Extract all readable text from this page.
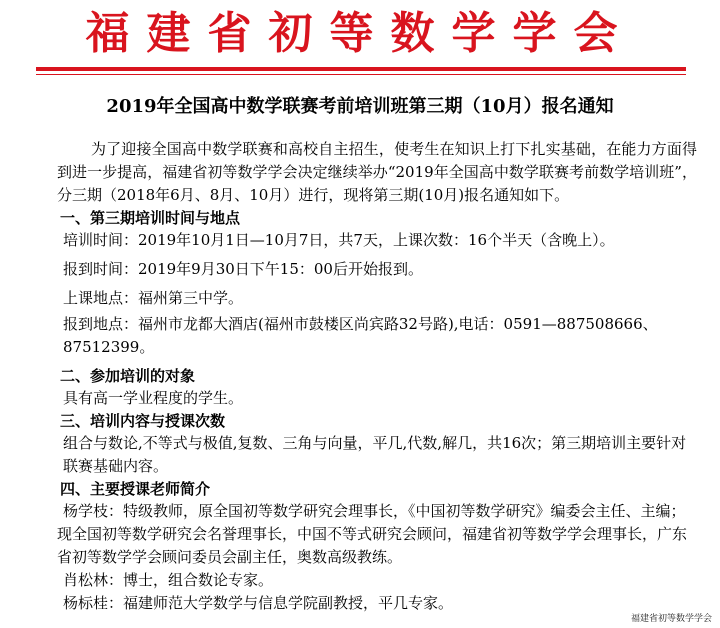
福建省初等数学学会
2019年全国高中数学联赛考前培训班第三期（10月）报名通知

为了迎接全国高中数学联赛和高校自主招生，使考生在知识上打下扎实基础，在能力方面得到进一步提高，福建省初等数学学会决定继续举办“2019年全国高中数学联赛考前数学培训班”，分三期（2018年6月、8月、10月）进行，现将第三期(10月)报名通知如下。

一、第三期培训时间与地点

培训时间：2019年10月1日—10月7日，共7天，上课次数：16个半天（含晚上）。

报到时间：2019年9月30日下午15：00后开始报到。

上课地点：福州第三中学。

报到地点：福州市龙都大酒店(福州市鼓楼区尚宾路32号路),电话：0591—887508666、87512399。

二、参加培训的对象

具有高一学业程度的学生。

三、培训内容与授课次数

组合与数论,不等式与极值,复数、三角与向量，平几,代数,解几，共16次；第三期培训主要针对联赛基础内容。

四、主要授课老师简介

杨学枝：特级教师，原全国初等数学研究会理事长，《中国初等数学研究》编委会主任、主编；现全国初等数学研究会名誉理事长，中国不等式研究会顾问，福建省初等数学学会理事长，广东省初等数学学会顾问委员会副主任，奥数高级教练。

肖松林：博士，组合数论专家。

杨标桂：福建师范大学数学与信息学院副教授，平几专家。

福建省初等数学学会
